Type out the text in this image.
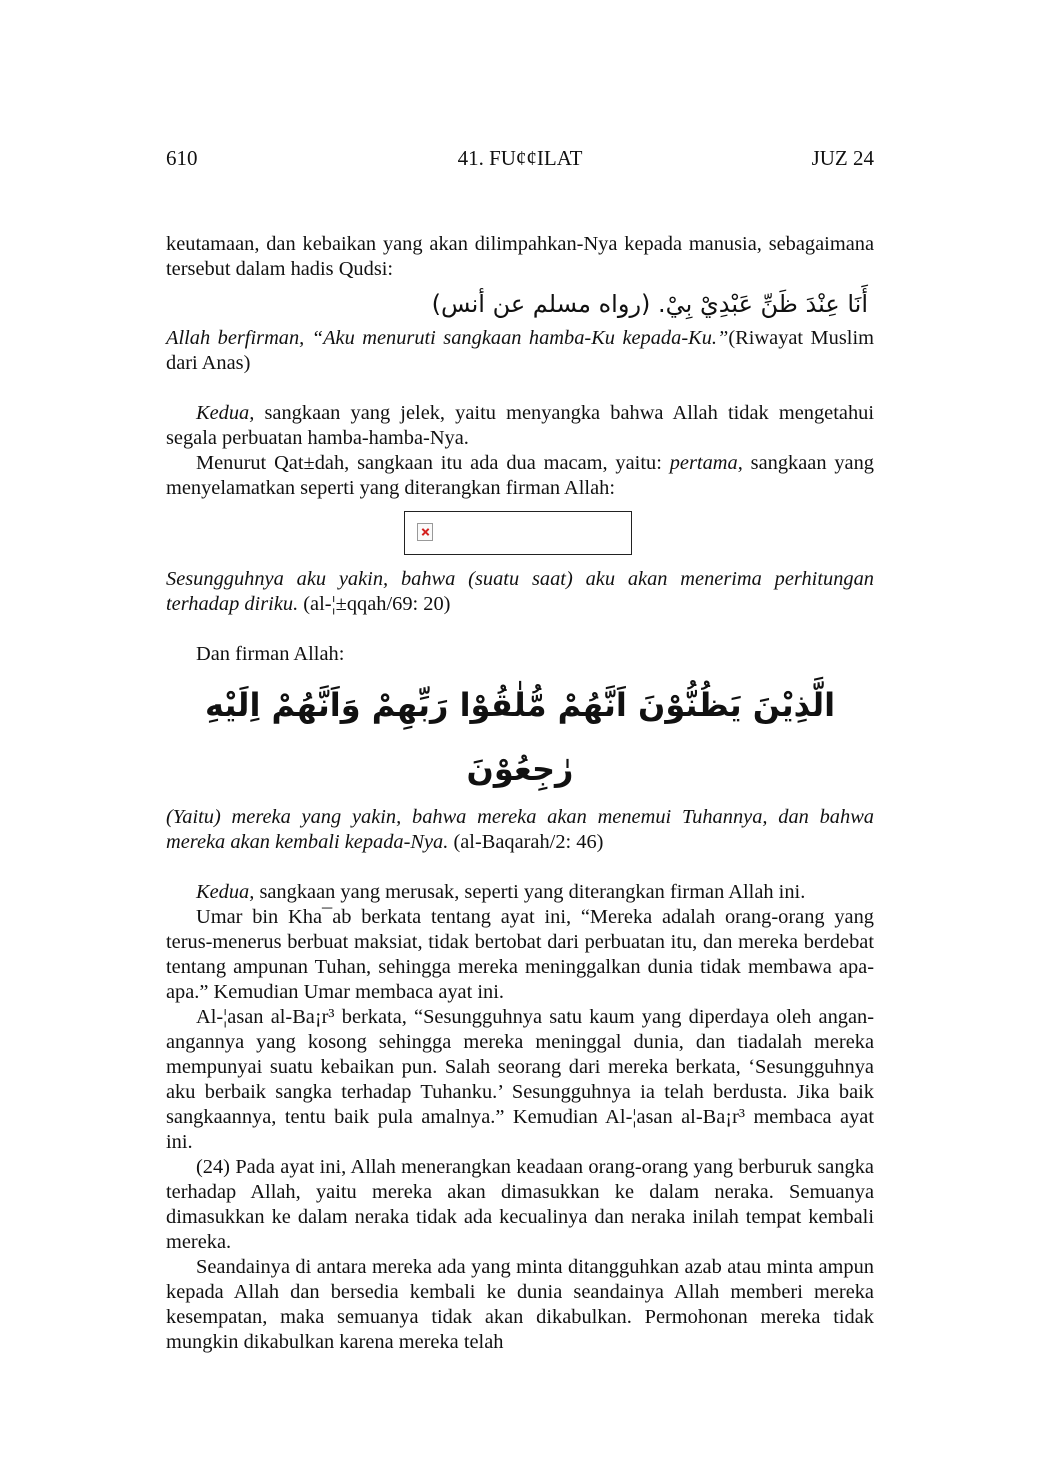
610	41. FU¢¢ILAT	JUZ 24

keutamaan, dan kebaikan yang akan dilimpahkan-Nya kepada manusia, sebagaimana tersebut dalam hadis Qudsi:

أَنَا عِنْدَ ظَنِّ عَبْدِيْ بِيْ. (رواه مسلم عن أنس)

Allah berfirman, “Aku menuruti sangkaan hamba-Ku kepada-Ku.”(Riwayat Muslim dari Anas)

Kedua, sangkaan yang jelek, yaitu menyangka bahwa Allah tidak mengetahui segala perbuatan hamba-hamba-Nya.

Menurut Qat±dah, sangkaan itu ada dua macam, yaitu: pertama, sangkaan yang menyelamatkan seperti yang diterangkan firman Allah:

Sesungguhnya aku yakin, bahwa (suatu saat) aku akan menerima perhitungan terhadap diriku. (al-¦±qqah/69: 20)

Dan firman Allah:

الَّذِيْنَ يَظُنُّوْنَ اَنَّهُمْ مُّلٰقُوْا رَبِّهِمْ وَاَنَّهُمْ اِلَيْهِ رٰجِعُوْنَ

(Yaitu) mereka yang yakin, bahwa mereka akan menemui Tuhannya, dan bahwa mereka akan kembali kepada-Nya. (al-Baqarah/2: 46)

Kedua, sangkaan yang merusak, seperti yang diterangkan firman Allah ini.

Umar bin Kha¯ab berkata tentang ayat ini, “Mereka adalah orang-orang yang terus-menerus berbuat maksiat, tidak bertobat dari perbuatan itu, dan mereka berdebat tentang ampunan Tuhan, sehingga mereka meninggalkan dunia tidak membawa apa-apa.” Kemudian Umar membaca ayat ini.

Al-¦asan al-Ba¡r³ berkata, “Sesungguhnya satu kaum yang diperdaya oleh angan-angannya yang kosong sehingga mereka meninggal dunia, dan tiadalah mereka mempunyai suatu kebaikan pun. Salah seorang dari mereka berkata, ‘Sesungguhnya aku berbaik sangka terhadap Tuhanku.’ Sesungguhnya ia telah berdusta. Jika baik sangkaannya, tentu baik pula amalnya.” Kemudian Al-¦asan al-Ba¡r³ membaca ayat ini.

(24) Pada ayat ini, Allah menerangkan keadaan orang-orang yang berburuk sangka terhadap Allah, yaitu mereka akan dimasukkan ke dalam neraka. Semuanya dimasukkan ke dalam neraka tidak ada kecualinya dan neraka inilah tempat kembali mereka.

Seandainya di antara mereka ada yang minta ditangguhkan azab atau minta ampun kepada Allah dan bersedia kembali ke dunia seandainya Allah memberi mereka kesempatan, maka semuanya tidak akan dikabulkan. Permohonan mereka tidak mungkin dikabulkan karena mereka telah
